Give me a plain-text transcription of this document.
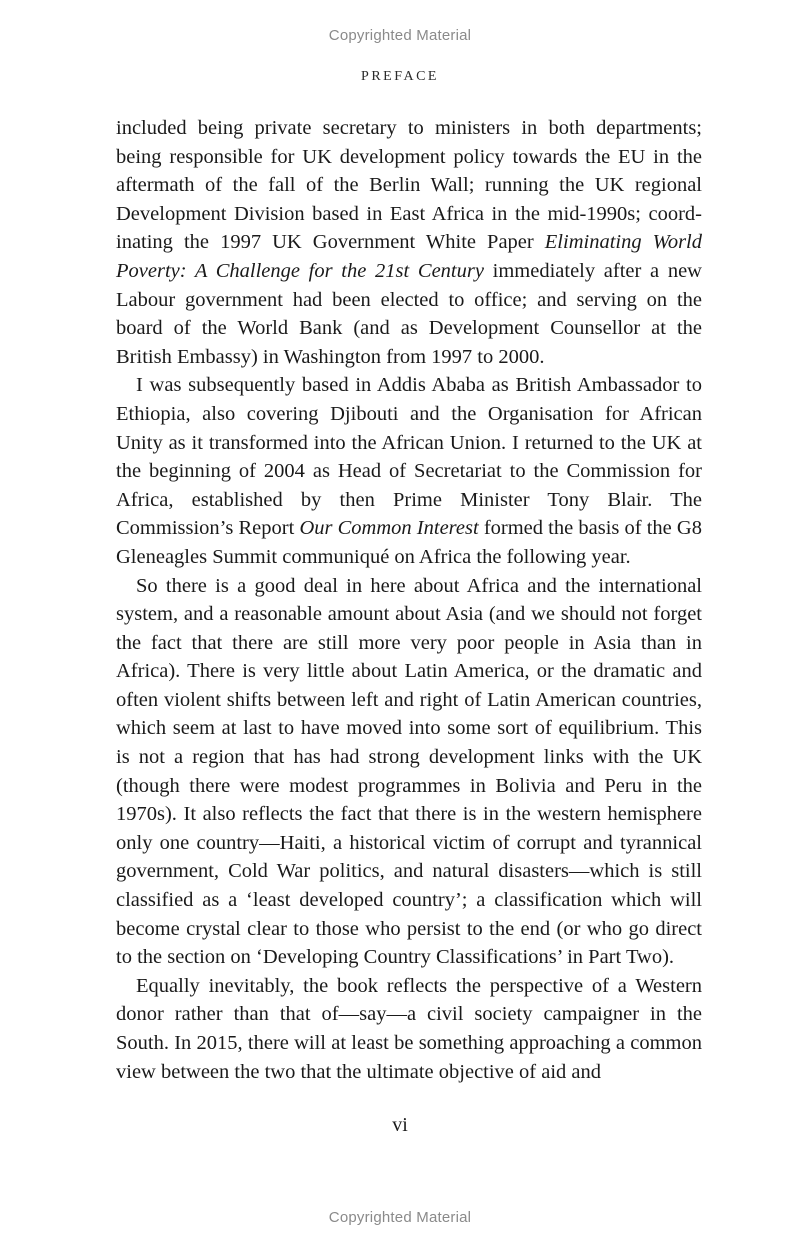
Copyrighted Material
PREFACE

included being private secretary to ministers in both departments; being responsible for UK development policy towards the EU in the aftermath of the fall of the Berlin Wall; running the UK regional Development Division based in East Africa in the mid-1990s; coordinating the 1997 UK Government White Paper Eliminating World Poverty: A Challenge for the 21st Century immediately after a new Labour government had been elected to office; and serving on the board of the World Bank (and as Development Counsellor at the British Embassy) in Washington from 1997 to 2000.

I was subsequently based in Addis Ababa as British Ambassador to Ethiopia, also covering Djibouti and the Organisation for African Unity as it transformed into the African Union. I returned to the UK at the beginning of 2004 as Head of Secretariat to the Commission for Africa, established by then Prime Minister Tony Blair. The Commission’s Report Our Common Interest formed the basis of the G8 Gleneagles Summit communiqué on Africa the following year.

So there is a good deal in here about Africa and the international system, and a reasonable amount about Asia (and we should not forget the fact that there are still more very poor people in Asia than in Africa). There is very little about Latin America, or the dramatic and often violent shifts between left and right of Latin American countries, which seem at last to have moved into some sort of equilibrium. This is not a region that has had strong development links with the UK (though there were modest programmes in Bolivia and Peru in the 1970s). It also reflects the fact that there is in the western hemisphere only one country—Haiti, a historical victim of corrupt and tyrannical government, Cold War politics, and natural disasters—which is still classified as a ‘least developed country’; a classification which will become crystal clear to those who persist to the end (or who go direct to the section on ‘Developing Country Classifications’ in Part Two).

Equally inevitably, the book reflects the perspective of a Western donor rather than that of—say—a civil society campaigner in the South. In 2015, there will at least be something approaching a common view between the two that the ultimate objective of aid and

vi
Copyrighted Material
